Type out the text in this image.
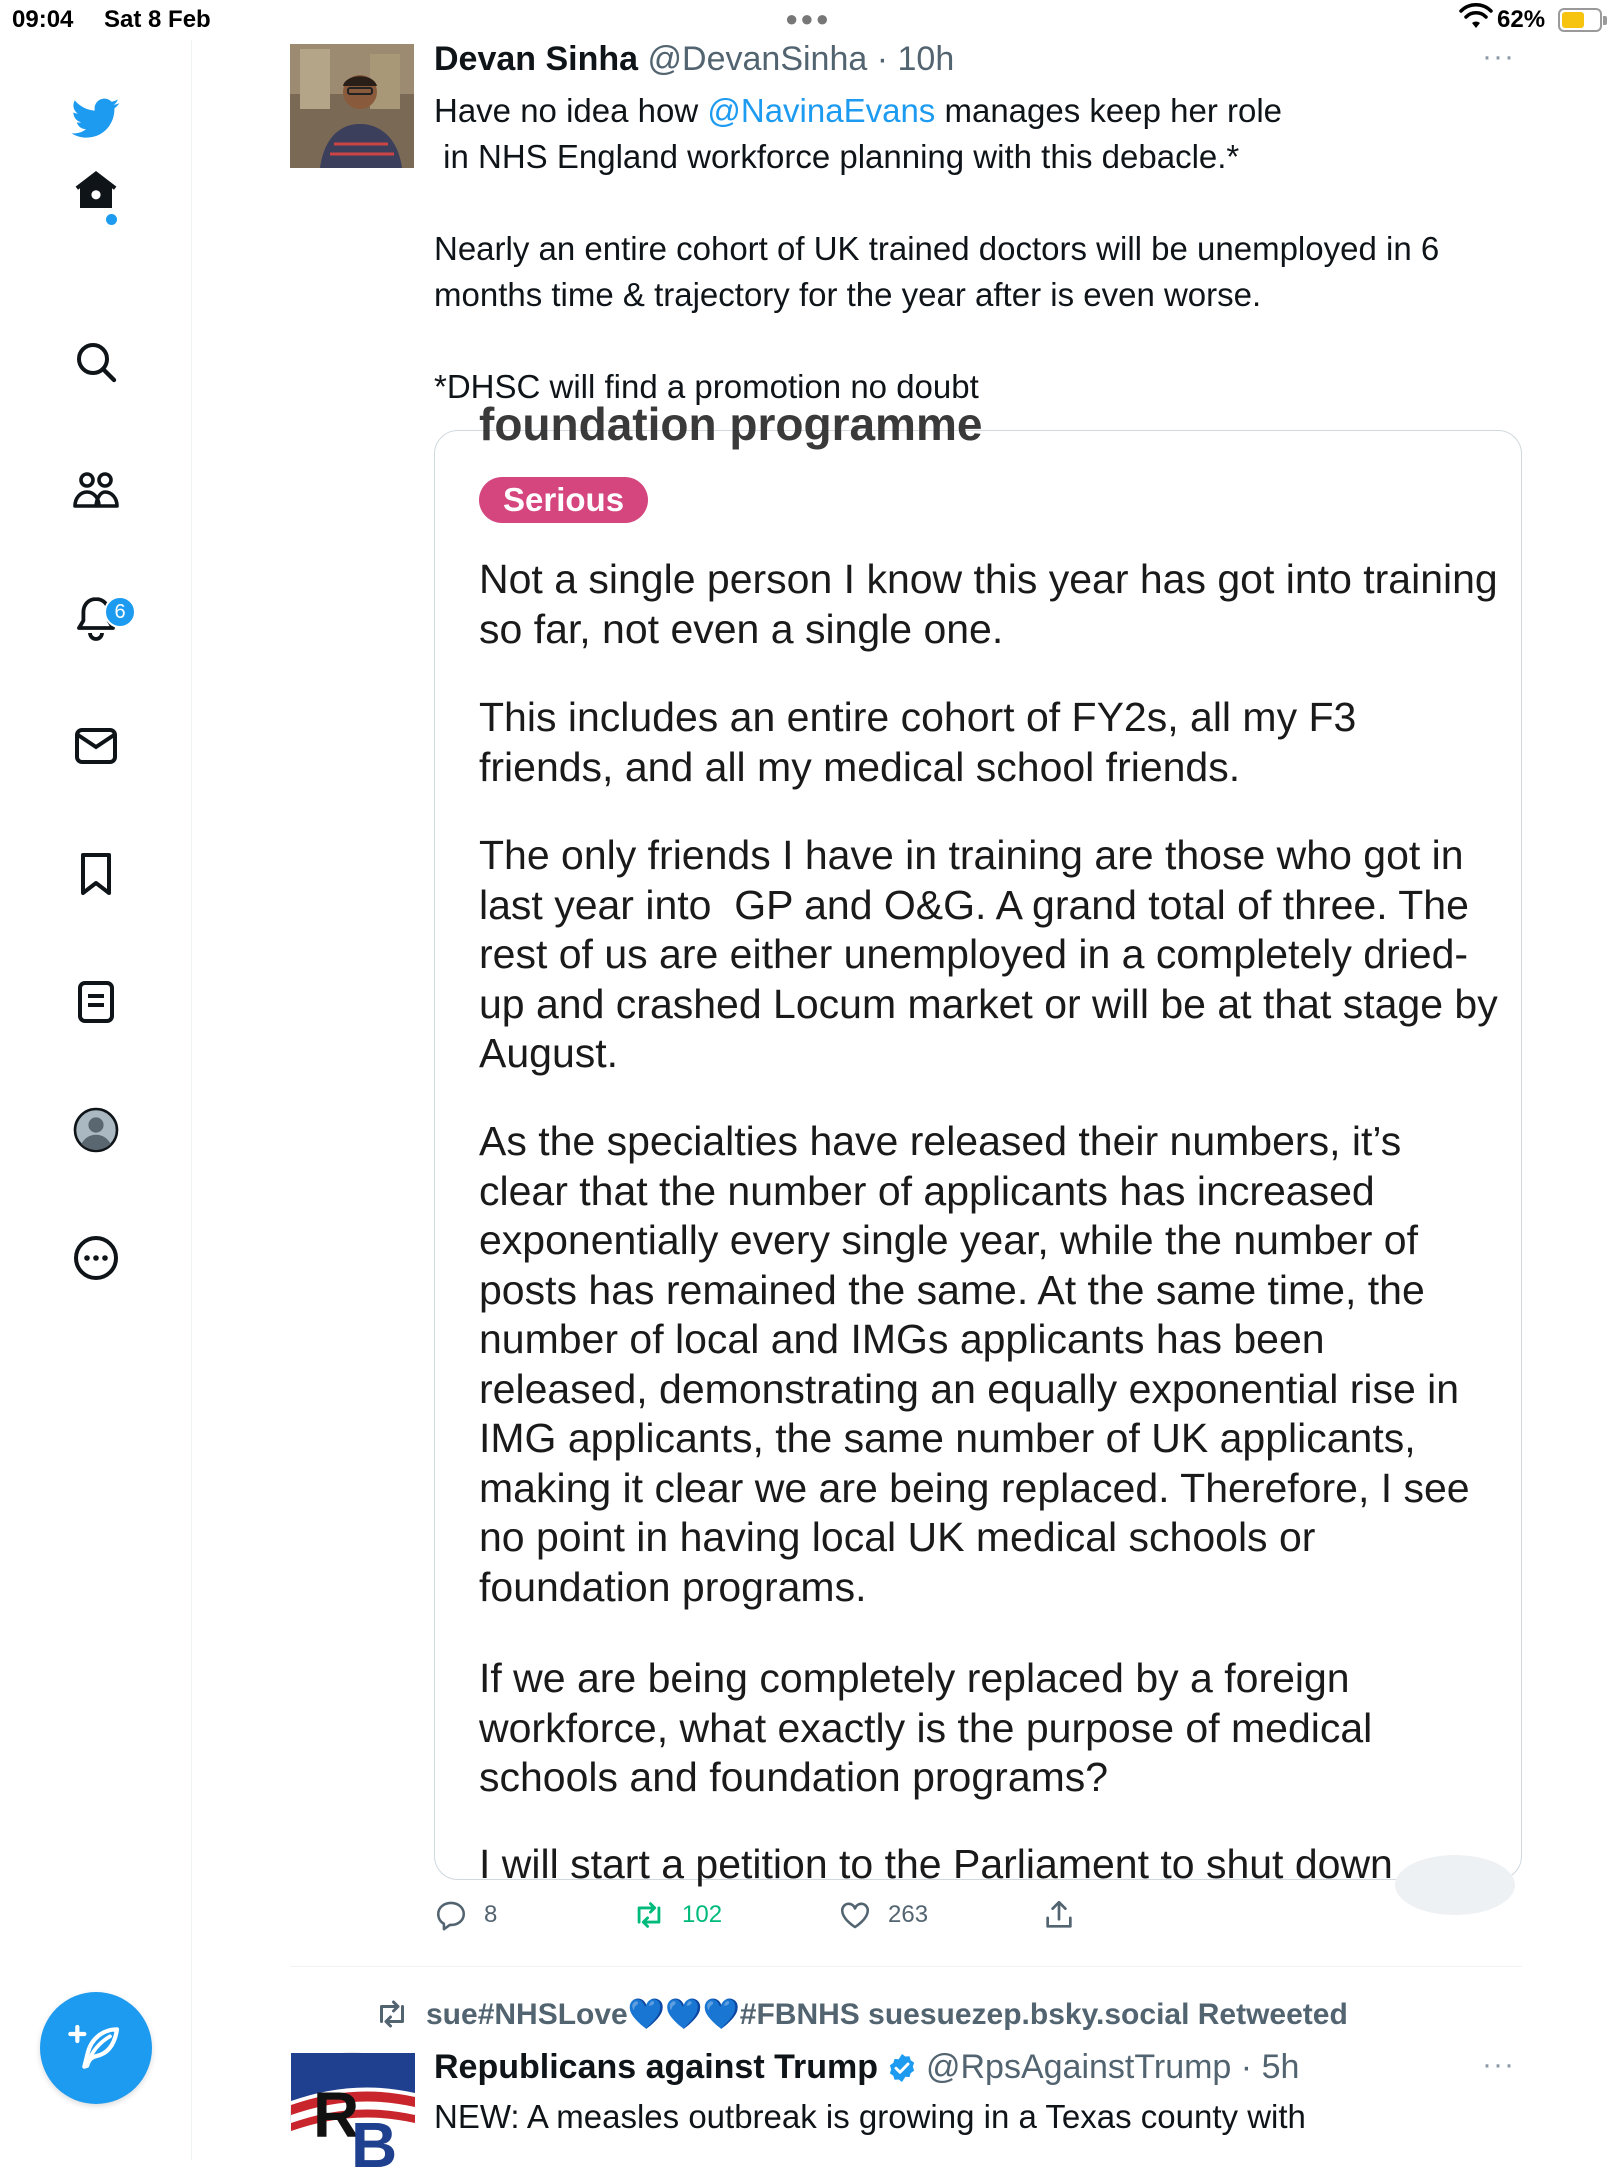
09:04 Sat 8 Feb	●●●	62%
6
Devan Sinha @DevanSinha · 10h	···
Have no idea how @NavinaEvans manages keep her role
in NHS England workforce planning with this debacle.*
Nearly an entire cohort of UK trained doctors will be unemployed in 6
months time & trajectory for the year after is even worse.
*DHSC will find a promotion no doubt
foundation programme
Serious
Not a single person I know this year has got into training so far, not even a single one.
This includes an entire cohort of FY2s, all my F3 friends, and all my medical school friends.
The only friends I have in training are those who got in last year into  GP and O&G. A grand total of three. The rest of us are either unemployed in a completely dried-up and crashed Locum market or will be at that stage by August.
As the specialties have released their numbers, it’s clear that the number of applicants has increased exponentially every single year, while the number of posts has remained the same. At the same time, the number of local and IMGs applicants has been released, demonstrating an equally exponential rise in IMG applicants, the same number of UK applicants, making it clear we are being replaced. Therefore, I see no point in having local UK medical schools or foundation programs.
If we are being completely replaced by a foreign workforce, what exactly is the purpose of medical schools and foundation programs?
I will start a petition to the Parliament to shut down
8	102	263
sue#NHSLove💙💙💙#FBNHS suesuezep.bsky.social Retweeted
R
B
Republicans against Trump @RpsAgainstTrump · 5h	···
NEW: A measles outbreak is growing in a Texas county with
